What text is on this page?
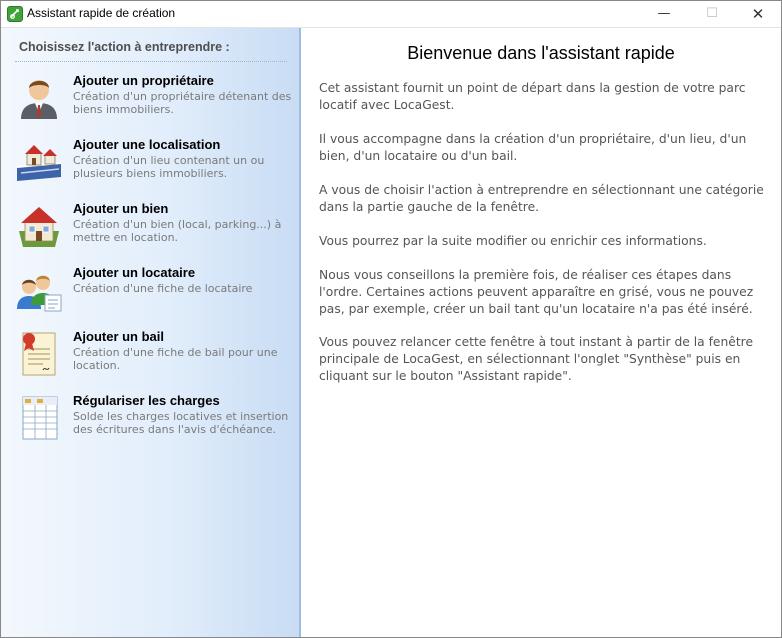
Assistant rapide de création	—	☐	✕
Choisissez l'action à entreprendre :
Ajouter un propriétaire
Création d'un propriétaire détenant des biens immobiliers.
Ajouter une localisation
Création d'un lieu contenant un ou plusieurs biens immobiliers.
Ajouter un bien
Création d'un bien (local, parking...) à mettre en location.
Ajouter un locataire
Création d'une fiche de locataire
Ajouter un bail
Création d'une fiche de bail pour une location.
Régulariser les charges
Solde les charges locatives et insertion des écritures dans l'avis d'échéance.
Bienvenue dans l'assistant rapide
Cet assistant fournit un point de départ dans la gestion de votre parc locatif avec LocaGest.
Il vous accompagne dans la création d'un propriétaire, d'un lieu, d'un bien, d'un locataire ou d'un bail.
A vous de choisir l'action à entreprendre en sélectionnant une catégorie dans la partie gauche de la fenêtre.
Vous pourrez par la suite modifier ou enrichir ces informations.
Nous vous conseillons la première fois, de réaliser ces étapes dans l'ordre. Certaines actions peuvent apparaître en grisé, vous ne pouvez pas, par exemple, créer un bail tant qu'un locataire n'a pas été inséré.
Vous pouvez relancer cette fenêtre à tout instant à partir de la fenêtre principale de LocaGest, en sélectionnant l'onglet "Synthèse" puis en cliquant sur le bouton "Assistant rapide".
